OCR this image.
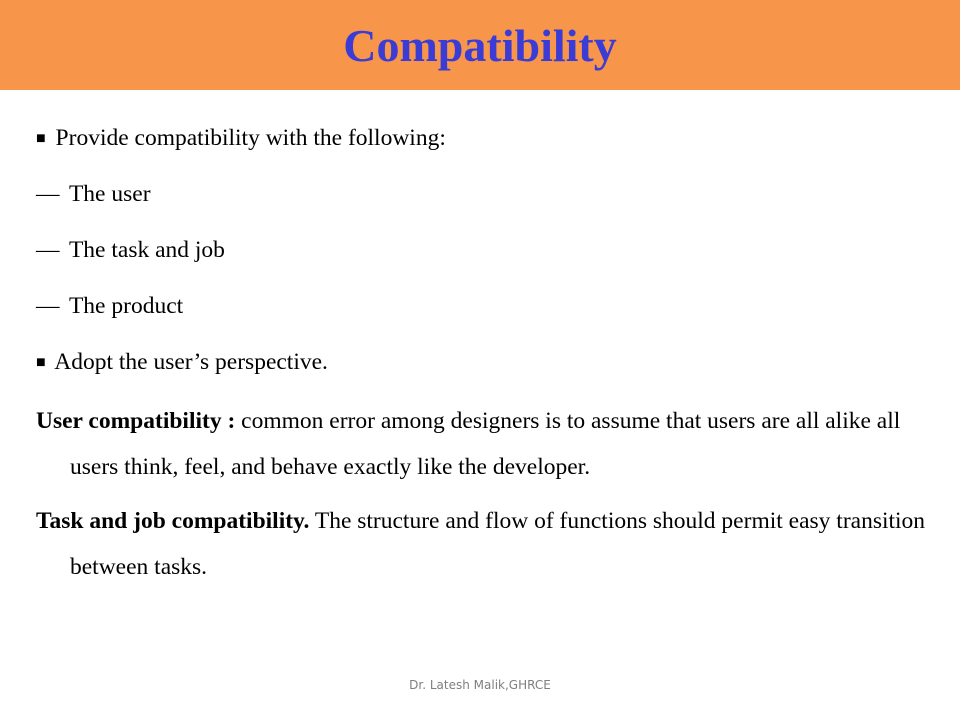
Compatibility
■ Provide compatibility with the following:
— The user
— The task and job
— The product
■ Adopt the user’s perspective.

User compatibility : common error among designers is to assume that users are all alike all users think, feel, and behave exactly like the developer.

Task and job compatibility. The structure and flow of functions should permit easy transition between tasks.

Dr. Latesh Malik,GHRCE
